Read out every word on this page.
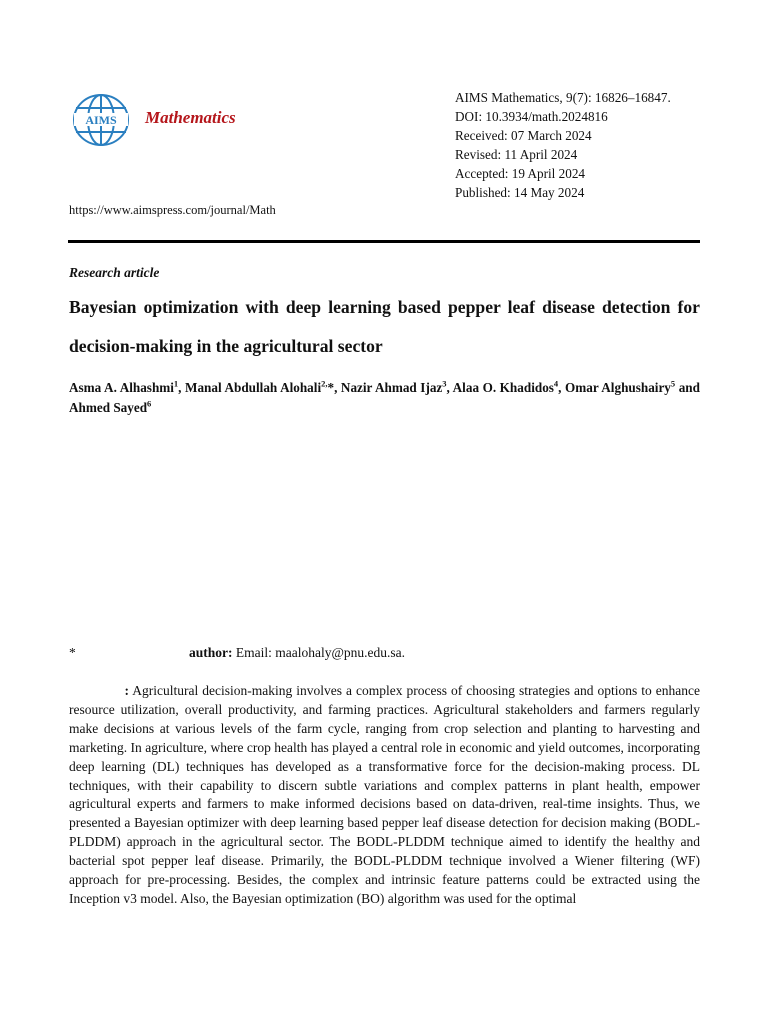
AIMS Mathematics
AIMS Mathematics, 9(7): 16826–16847.
DOI: 10.3934/math.2024816
Received: 07 March 2024
Revised: 11 April 2024
Accepted: 19 April 2024
Published: 14 May 2024
https://www.aimspress.com/journal/Math
Research article
Bayesian optimization with deep learning based pepper leaf disease detection for decision-making in the agricultural sector
Asma A. Alhashmi$^1$, Manal Abdullah Alohali$^{2,}$*, Nazir Ahmad Ijaz$^3$, Alaa O. Khadidos$^4$, Omar Alghushairy$^5$ and Ahmed Sayed$^6$
*	author: Email: maalohaly@pnu.edu.sa.
: Agricultural decision-making involves a complex process of choosing strategies and options to enhance resource utilization, overall productivity, and farming practices. Agricultural stakeholders and farmers regularly make decisions at various levels of the farm cycle, ranging from crop selection and planting to harvesting and marketing. In agriculture, where crop health has played a central role in economic and yield outcomes, incorporating deep learning (DL) techniques has developed as a transformative force for the decision-making process. DL techniques, with their capability to discern subtle variations and complex patterns in plant health, empower agricultural experts and farmers to make informed decisions based on data-driven, real-time insights. Thus, we presented a Bayesian optimizer with deep learning based pepper leaf disease detection for decision making (BODL-PLDDM) approach in the agricultural sector. The BODL-PLDDM technique aimed to identify the healthy and bacterial spot pepper leaf disease. Primarily, the BODL-PLDDM technique involved a Wiener filtering (WF) approach for pre-processing. Besides, the complex and intrinsic feature patterns could be extracted using the Inception v3 model. Also, the Bayesian optimization (BO) algorithm was used for the optimal
